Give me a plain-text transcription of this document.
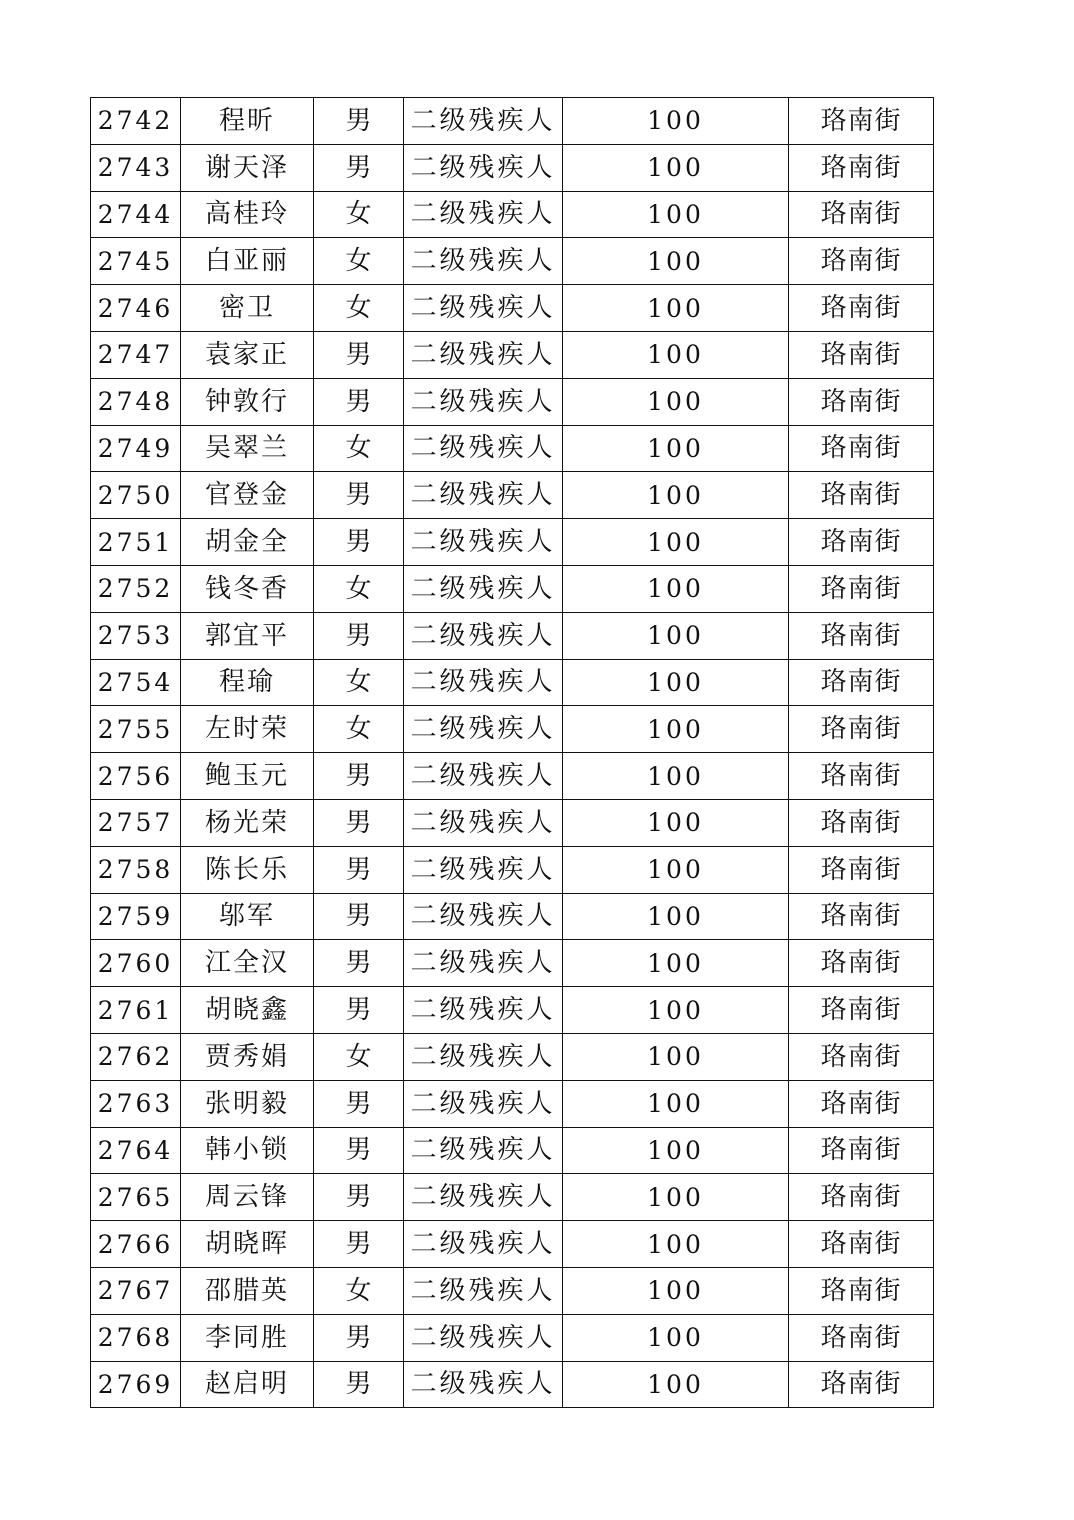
2742	程昕	男	二级残疾人	100	珞南街
2743	谢天泽	男	二级残疾人	100	珞南街
2744	高桂玲	女	二级残疾人	100	珞南街
2745	白亚丽	女	二级残疾人	100	珞南街
2746	密卫	女	二级残疾人	100	珞南街
2747	袁家正	男	二级残疾人	100	珞南街
2748	钟敦行	男	二级残疾人	100	珞南街
2749	吴翠兰	女	二级残疾人	100	珞南街
2750	官登金	男	二级残疾人	100	珞南街
2751	胡金全	男	二级残疾人	100	珞南街
2752	钱冬香	女	二级残疾人	100	珞南街
2753	郭宜平	男	二级残疾人	100	珞南街
2754	程瑜	女	二级残疾人	100	珞南街
2755	左时荣	女	二级残疾人	100	珞南街
2756	鲍玉元	男	二级残疾人	100	珞南街
2757	杨光荣	男	二级残疾人	100	珞南街
2758	陈长乐	男	二级残疾人	100	珞南街
2759	邬军	男	二级残疾人	100	珞南街
2760	江全汉	男	二级残疾人	100	珞南街
2761	胡晓鑫	男	二级残疾人	100	珞南街
2762	贾秀娟	女	二级残疾人	100	珞南街
2763	张明毅	男	二级残疾人	100	珞南街
2764	韩小锁	男	二级残疾人	100	珞南街
2765	周云锋	男	二级残疾人	100	珞南街
2766	胡晓晖	男	二级残疾人	100	珞南街
2767	邵腊英	女	二级残疾人	100	珞南街
2768	李同胜	男	二级残疾人	100	珞南街
2769	赵启明	男	二级残疾人	100	珞南街
